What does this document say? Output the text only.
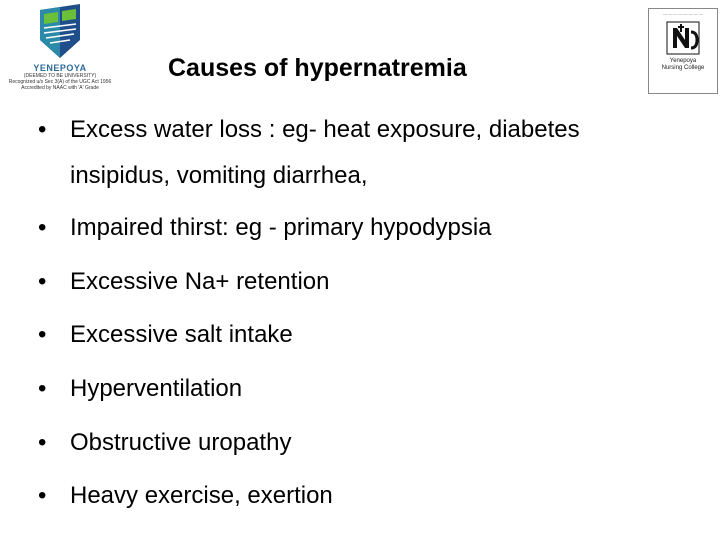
YENEPOYA
(DEEMED TO BE UNIVERSITY)
Recognized u/s Sec 3(A) of the UGC Act 1956
Accredited by NAAC with 'A' Grade
— — — — — — — —
Yenepoya
Nursing College
Causes of hypernatremia
• Excess water loss : eg- heat exposure, diabetes
• Impaired thirst: eg - primary hypodypsia
• Excessive Na+ retention
• Excessive salt intake
• Hyperventilation
• Obstructive uropathy
• Heavy exercise, exertion
insipidus, vomiting diarrhea,
